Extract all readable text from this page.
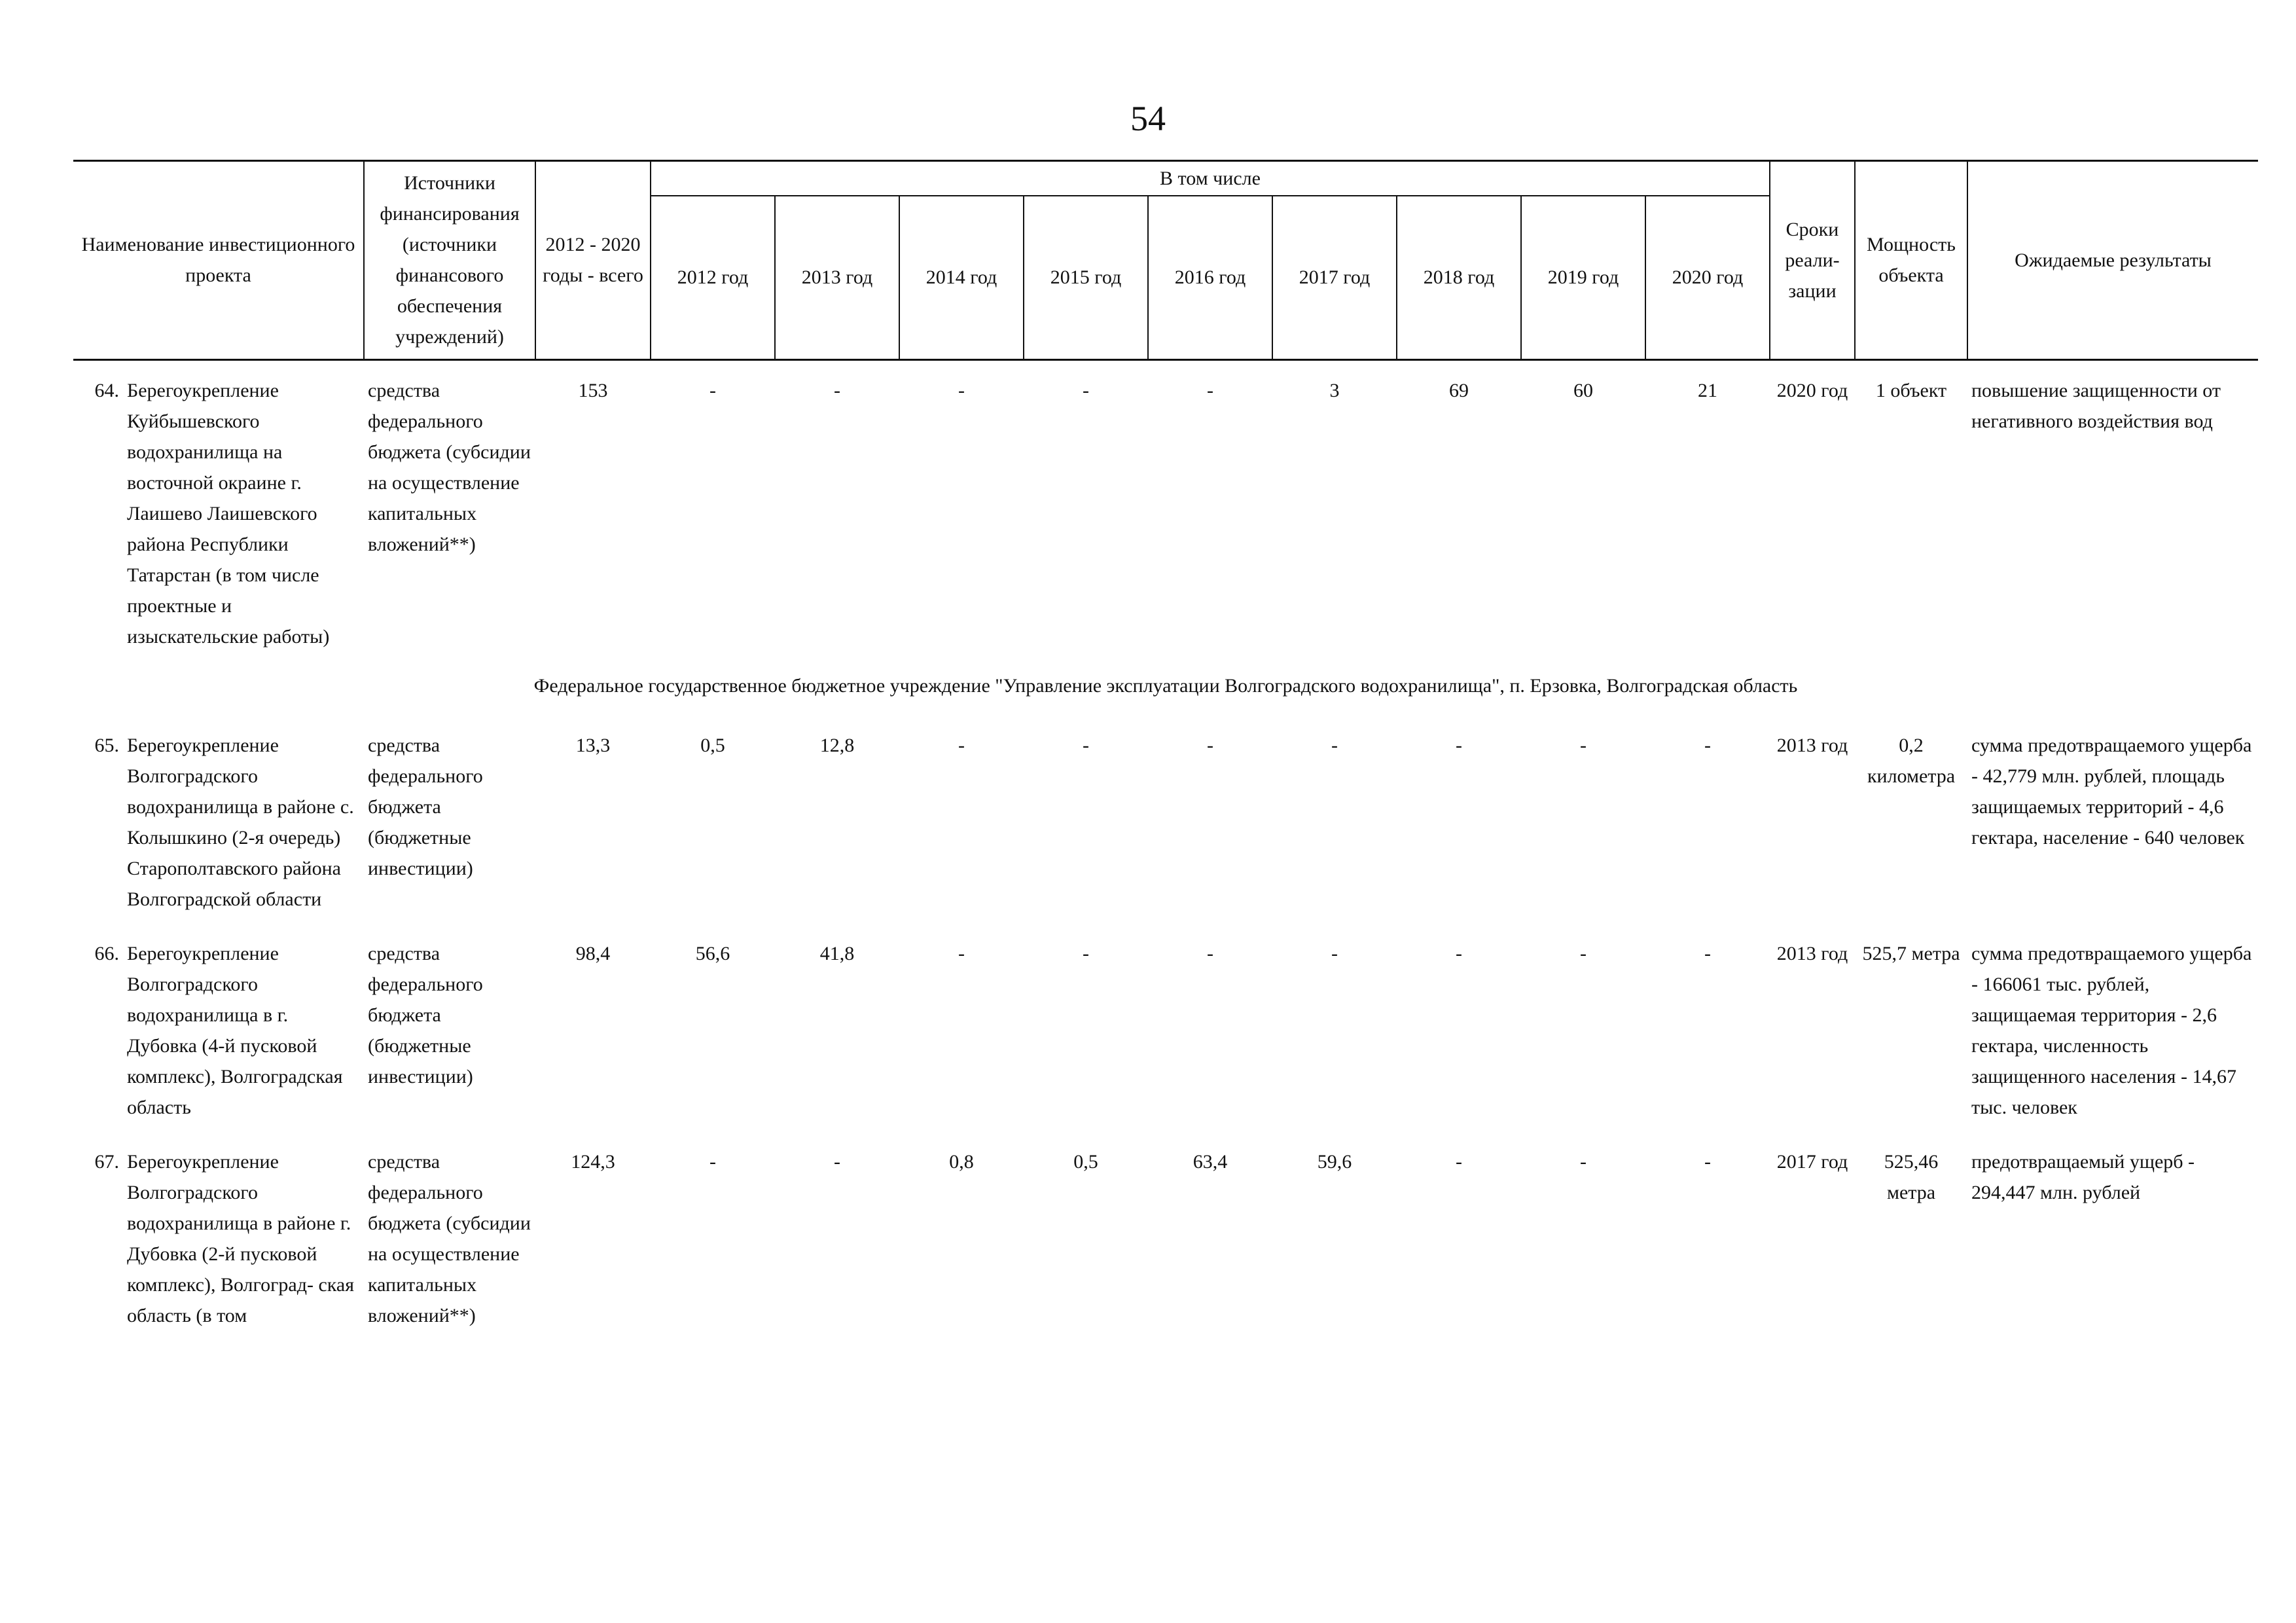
54
Наименование инвестиционного проекта	Источники финансирования (источники финансового обеспечения учреждений)	2012 - 2020 годы - всего	В том числе									Сроки реали- зации	Мощность объекта	Ожидаемые результаты
			2012 год	2013 год	2014 год	2015 год	2016 год	2017 год	2018 год	2019 год	2020 год			

64. Берегоукрепление Куйбышевского водохранилища на восточной окраине г. Лаишево Лаишевского района Республики Татарстан (в том числе проектные и изыскательские работы)	средства федерального бюджета (субсидии на осуществление капитальных вложений**)	153	-	-	-	-	-	3	69	60	21	2020 год	1 объект	повышение защищенности от негативного воздействия вод
Федеральное государственное бюджетное учреждение "Управление эксплуатации Волгоградского водохранилища", п. Ерзовка, Волгоградская область														

65. Берегоукрепление Волгоградского водохранилища в районе с. Колышкино (2-я очередь) Старополтавского района Волгоградской области	средства федерального бюджета (бюджетные инвестиции)	13,3	0,5	12,8	-	-	-	-	-	-	-	2013 год	0,2 километра	сумма предотвращаемого ущерба - 42,779 млн. рублей, площадь защищаемых территорий - 4,6 гектара, население - 640 человек

66. Берегоукрепление Волгоградского водохранилища в г. Дубовка (4-й пусковой комплекс), Волгоградская область	средства федерального бюджета (бюджетные инвестиции)	98,4	56,6	41,8	-	-	-	-	-	-	-	2013 год	525,7 метра	сумма предотвращаемого ущерба - 166061 тыс. рублей, защищаемая территория - 2,6 гектара, численность защищенного населения - 14,67 тыс. человек

67. Берегоукрепление Волгоградского водохранилища в районе г. Дубовка (2-й пусковой комплекс), Волгоград- ская область (в том	средства федерального бюджета (субсидии на осуществление капитальных вложений**)	124,3	-	-	0,8	0,5	63,4	59,6	-	-	-	2017 год	525,46 метра	предотвращаемый ущерб - 294,447 млн. рублей
